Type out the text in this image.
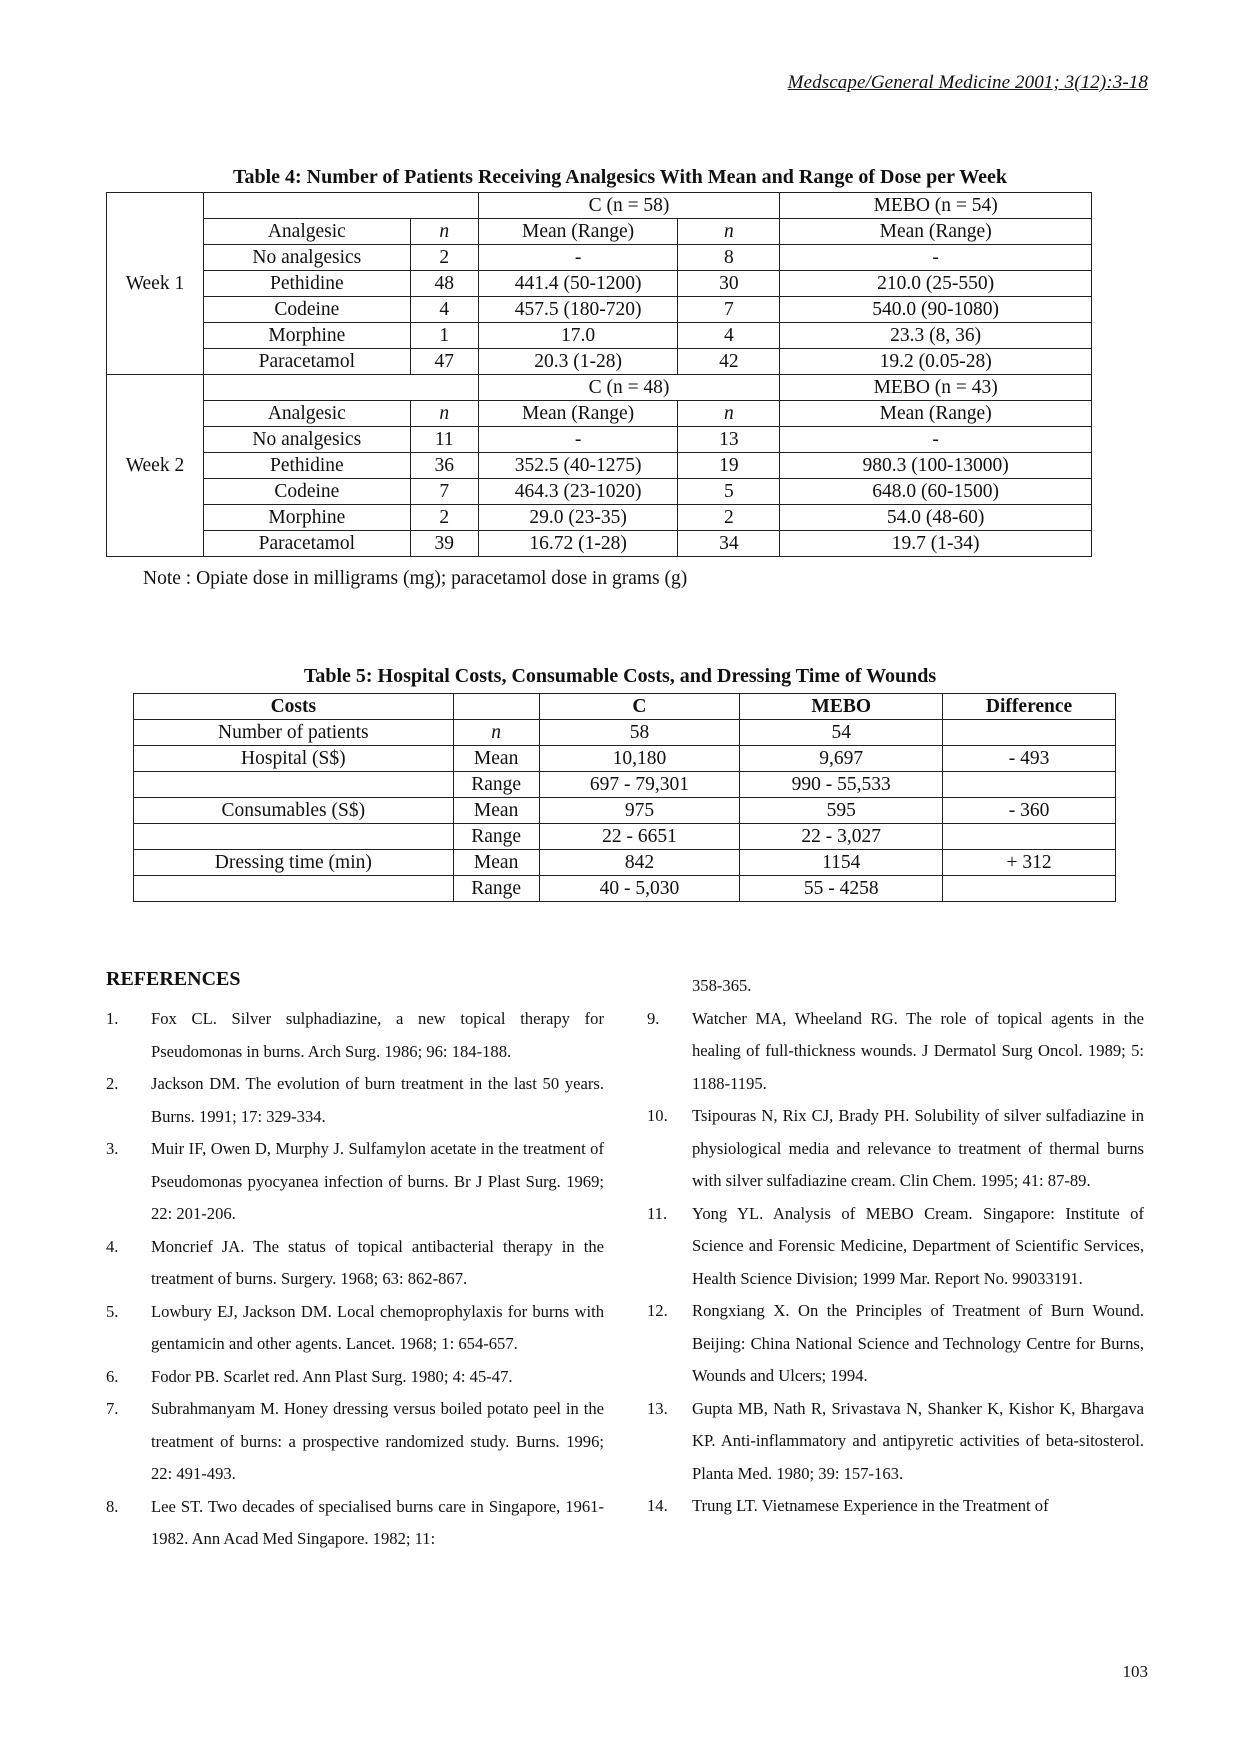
Medscape/General Medicine 2001; 3(12):3-18
Table 4: Number of Patients Receiving Analgesics With Mean and Range of Dose per Week
Week 1			C (n = 58)		MEBO (n = 54)
	Analgesic	n	Mean (Range)	n	Mean (Range)
	No analgesics	2	-	8	-
	Pethidine	48	441.4 (50-1200)	30	210.0 (25-550)
	Codeine	4	457.5 (180-720)	7	540.0 (90-1080)
	Morphine	1	17.0	4	23.3 (8, 36)
	Paracetamol	47	20.3 (1-28)	42	19.2 (0.05-28)
Week 2			C (n = 48)		MEBO (n = 43)
	Analgesic	n	Mean (Range)	n	Mean (Range)
	No analgesics	11	-	13	-
	Pethidine	36	352.5 (40-1275)	19	980.3 (100-13000)
	Codeine	7	464.3 (23-1020)	5	648.0 (60-1500)
	Morphine	2	29.0 (23-35)	2	54.0 (48-60)
	Paracetamol	39	16.72 (1-28)	34	19.7 (1-34)
Note : Opiate dose in milligrams (mg); paracetamol dose in grams (g)
Table 5: Hospital Costs, Consumable Costs, and Dressing Time of Wounds
Costs		C	MEBO	Difference
Number of patients	n	58	54	
Hospital (S$)	Mean	10,180	9,697	- 493
	Range	697 - 79,301	990 - 55,533	
Consumables (S$)	Mean	975	595	- 360
	Range	22 - 6651	22 - 3,027	
Dressing time (min)	Mean	842	1154	+ 312
	Range	40 - 5,030	55 - 4258	
REFERENCES
1. Fox CL. Silver sulphadiazine, a new topical therapy for Pseudomonas in burns. Arch Surg. 1986; 96: 184-188.
2. Jackson DM. The evolution of burn treatment in the last 50 years. Burns. 1991; 17: 329-334.
3. Muir IF, Owen D, Murphy J. Sulfamylon acetate in the treatment of Pseudomonas pyocyanea infection of burns. Br J Plast Surg. 1969; 22: 201-206.
4. Moncrief JA. The status of topical antibacterial therapy in the treatment of burns. Surgery. 1968; 63: 862-867.
5. Lowbury EJ, Jackson DM. Local chemoprophylaxis for burns with gentamicin and other agents. Lancet. 1968; 1: 654-657.
6. Fodor PB. Scarlet red. Ann Plast Surg. 1980; 4: 45-47.
7. Subrahmanyam M. Honey dressing versus boiled potato peel in the treatment of burns: a prospective randomized study. Burns. 1996; 22: 491-493.
8. Lee ST. Two decades of specialised burns care in Singapore, 1961-1982. Ann Acad Med Singapore. 1982; 11:
358-365.
9. Watcher MA, Wheeland RG. The role of topical agents in the healing of full-thickness wounds. J Dermatol Surg Oncol. 1989; 5: 1188-1195.
10. Tsipouras N, Rix CJ, Brady PH. Solubility of silver sulfadiazine in physiological media and relevance to treatment of thermal burns with silver sulfadiazine cream. Clin Chem. 1995; 41: 87-89.
11. Yong YL. Analysis of MEBO Cream. Singapore: Institute of Science and Forensic Medicine, Department of Scientific Services, Health Science Division; 1999 Mar. Report No. 99033191.
12. Rongxiang X. On the Principles of Treatment of Burn Wound. Beijing: China National Science and Technology Centre for Burns, Wounds and Ulcers; 1994.
13. Gupta MB, Nath R, Srivastava N, Shanker K, Kishor K, Bhargava KP. Anti-inflammatory and antipyretic activities of beta-sitosterol. Planta Med. 1980; 39: 157-163.
14. Trung LT. Vietnamese Experience in the Treatment of
103
